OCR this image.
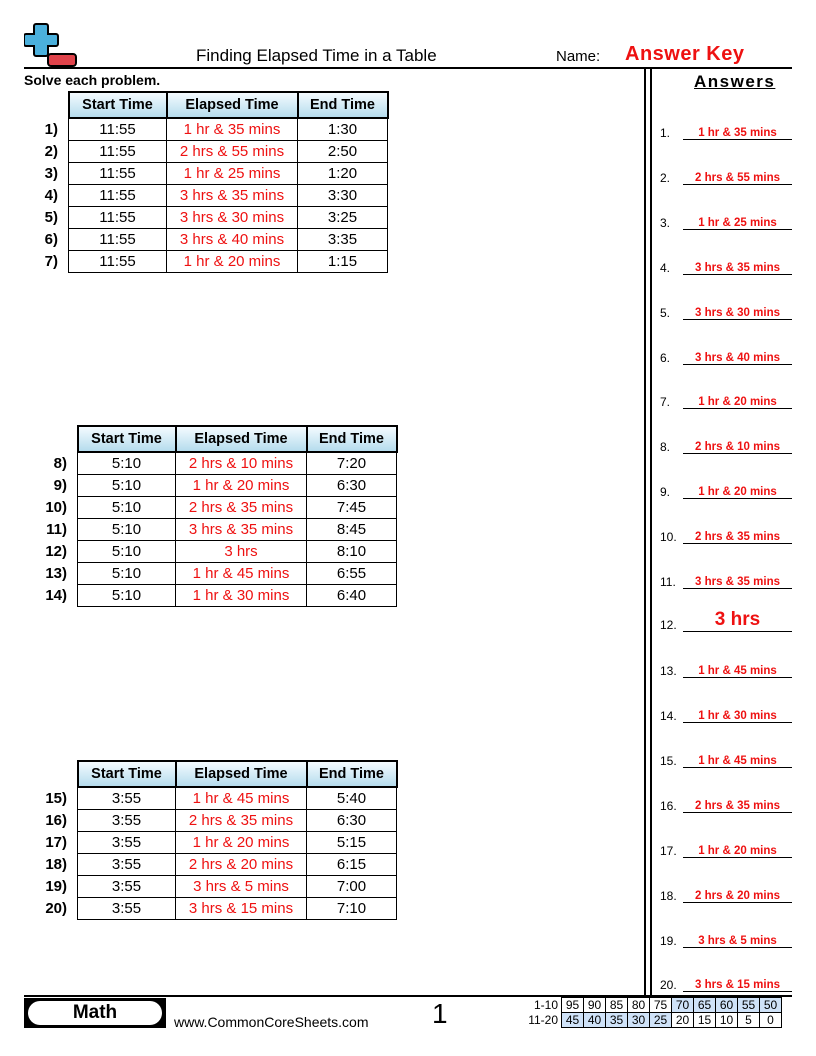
Finding Elapsed Time in a Table	Name: Answer Key
Solve each problem.	Answers
	Start Time	Elapsed Time	End Time
1)	11:55	1 hr & 35 mins	1:30
2)	11:55	2 hrs & 55 mins	2:50
3)	11:55	1 hr & 25 mins	1:20
4)	11:55	3 hrs & 35 mins	3:30
5)	11:55	3 hrs & 30 mins	3:25
6)	11:55	3 hrs & 40 mins	3:35
7)	11:55	1 hr & 20 mins	1:15
	Start Time	Elapsed Time	End Time
8)	5:10	2 hrs & 10 mins	7:20
9)	5:10	1 hr & 20 mins	6:30
10)	5:10	2 hrs & 35 mins	7:45
11)	5:10	3 hrs & 35 mins	8:45
12)	5:10	3 hrs	8:10
13)	5:10	1 hr & 45 mins	6:55
14)	5:10	1 hr & 30 mins	6:40
	Start Time	Elapsed Time	End Time
15)	3:55	1 hr & 45 mins	5:40
16)	3:55	2 hrs & 35 mins	6:30
17)	3:55	1 hr & 20 mins	5:15
18)	3:55	2 hrs & 20 mins	6:15
19)	3:55	3 hrs & 5 mins	7:00
20)	3:55	3 hrs & 15 mins	7:10
1.	1 hr & 35 mins
2.	2 hrs & 55 mins
3.	1 hr & 25 mins
4.	3 hrs & 35 mins
5.	3 hrs & 30 mins
6.	3 hrs & 40 mins
7.	1 hr & 20 mins
8.	2 hrs & 10 mins
9.	1 hr & 20 mins
10.	2 hrs & 35 mins
11.	3 hrs & 35 mins
12.	3 hrs
13.	1 hr & 45 mins
14.	1 hr & 30 mins
15.	1 hr & 45 mins
16.	2 hrs & 35 mins
17.	1 hr & 20 mins
18.	2 hrs & 20 mins
19.	3 hrs & 5 mins
20.	3 hrs & 15 mins
Math	www.CommonCoreSheets.com 1	1-10	95	90	85	80	75	70	65	60	55	50
11-20	45	40	35	30	25	20	15	10	5	0
